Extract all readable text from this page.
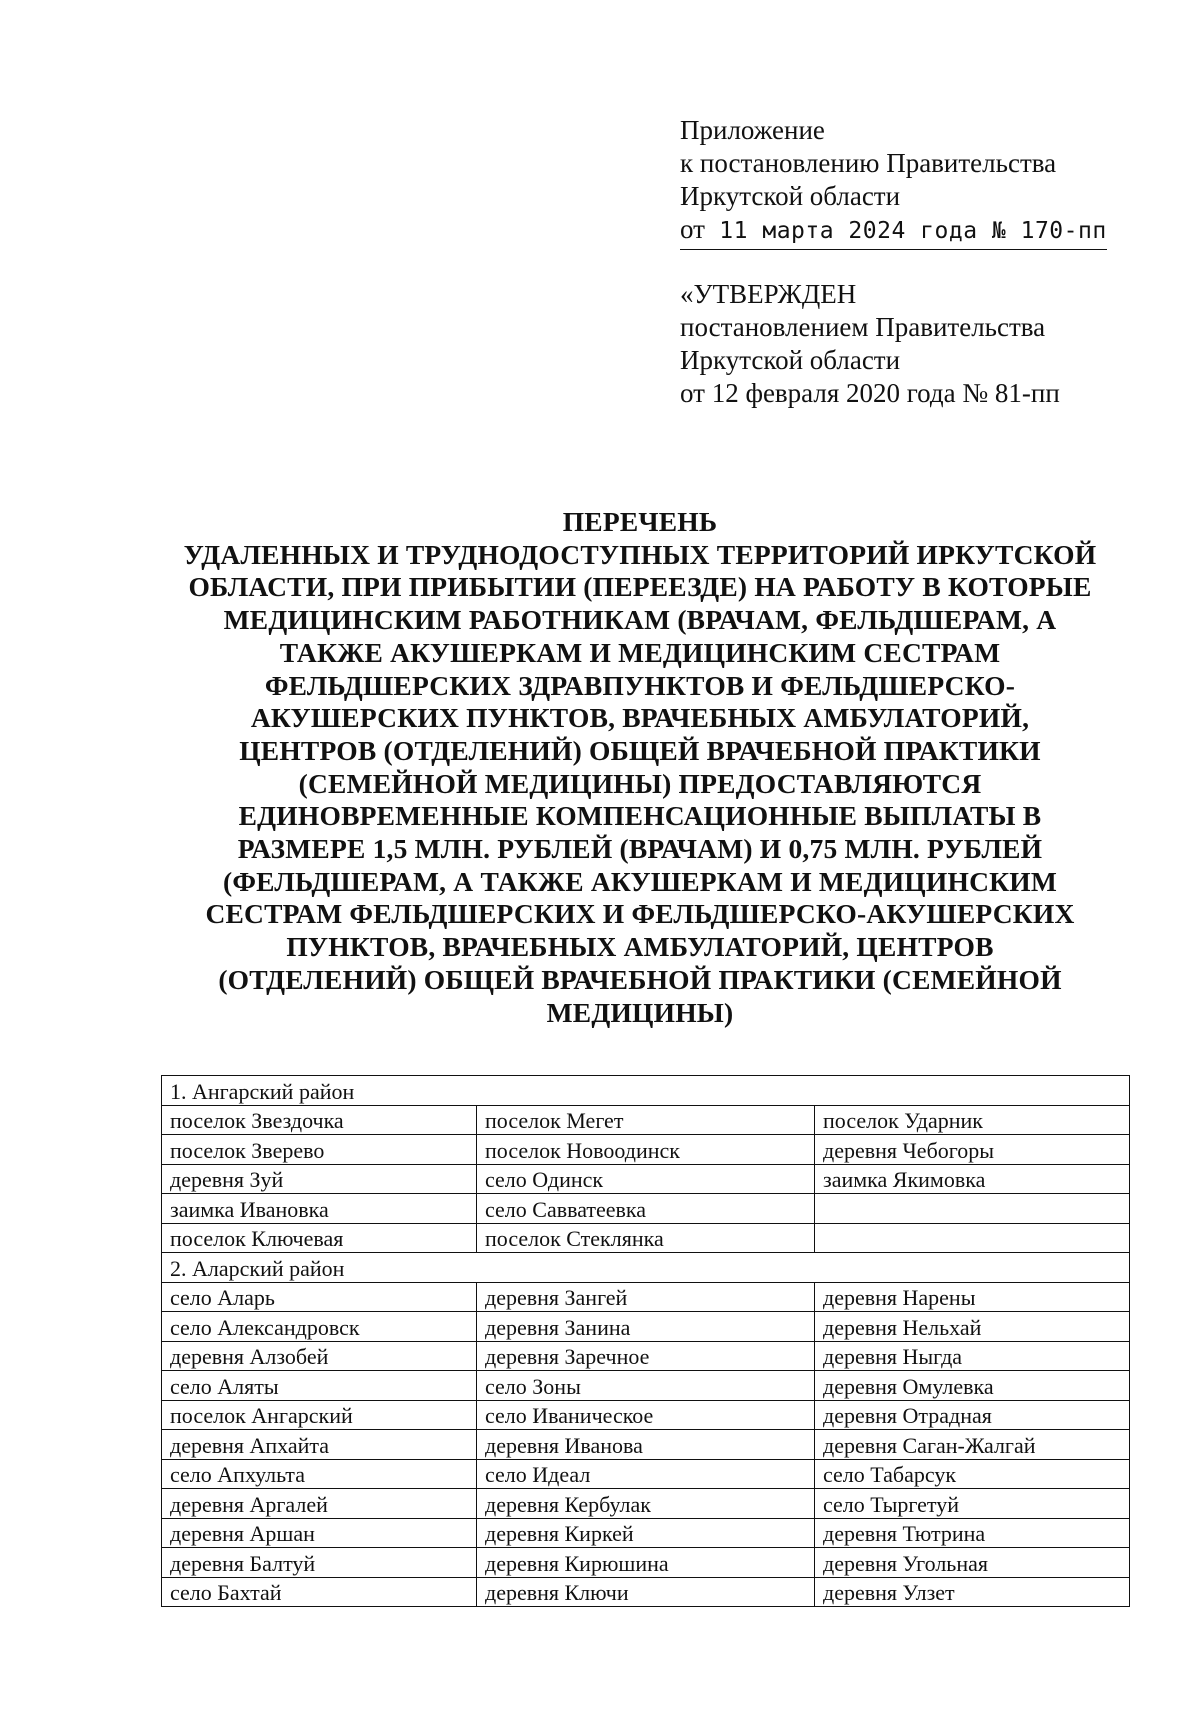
Приложение
к постановлению Правительства
Иркутской области
от 11 марта 2024 года № 170-пп
«УТВЕРЖДЕН
постановлением Правительства
Иркутской области
от 12 февраля 2020 года № 81-пп
ПЕРЕЧЕНЬ
УДАЛЕННЫХ И ТРУДНОДОСТУПНЫХ ТЕРРИТОРИЙ ИРКУТСКОЙ
ОБЛАСТИ, ПРИ ПРИБЫТИИ (ПЕРЕЕЗДЕ) НА РАБОТУ В КОТОРЫЕ
МЕДИЦИНСКИМ РАБОТНИКАМ (ВРАЧАМ, ФЕЛЬДШЕРАМ, А
ТАКЖЕ АКУШЕРКАМ И МЕДИЦИНСКИМ СЕСТРАМ
ФЕЛЬДШЕРСКИХ ЗДРАВПУНКТОВ И ФЕЛЬДШЕРСКО-
АКУШЕРСКИХ ПУНКТОВ, ВРАЧЕБНЫХ АМБУЛАТОРИЙ,
ЦЕНТРОВ (ОТДЕЛЕНИЙ) ОБЩЕЙ ВРАЧЕБНОЙ ПРАКТИКИ
(СЕМЕЙНОЙ МЕДИЦИНЫ) ПРЕДОСТАВЛЯЮТСЯ
ЕДИНОВРЕМЕННЫЕ КОМПЕНСАЦИОННЫЕ ВЫПЛАТЫ В
РАЗМЕРЕ 1,5 МЛН. РУБЛЕЙ (ВРАЧАМ) И 0,75 МЛН. РУБЛЕЙ
(ФЕЛЬДШЕРАМ, А ТАКЖЕ АКУШЕРКАМ И МЕДИЦИНСКИМ
СЕСТРАМ ФЕЛЬДШЕРСКИХ И ФЕЛЬДШЕРСКО-АКУШЕРСКИХ
ПУНКТОВ, ВРАЧЕБНЫХ АМБУЛАТОРИЙ, ЦЕНТРОВ
(ОТДЕЛЕНИЙ) ОБЩЕЙ ВРАЧЕБНОЙ ПРАКТИКИ (СЕМЕЙНОЙ
МЕДИЦИНЫ)
1. Ангарский район		
поселок Звездочка	поселок Мегет	поселок Ударник
поселок Зверево	поселок Новоодинск	деревня Чебогоры
деревня Зуй	село Одинск	заимка Якимовка
заимка Ивановка	село Савватеевка	
поселок Ключевая	поселок Стеклянка	
2. Аларский район		
село Аларь	деревня Зангей	деревня Нарены
село Александровск	деревня Занина	деревня Нельхай
деревня Алзобей	деревня Заречное	деревня Ныгда
село Аляты	село Зоны	деревня Омулевка
поселок Ангарский	село Иваническое	деревня Отрадная
деревня Апхайта	деревня Иванова	деревня Саган-Жалгай
село Апхульта	село Идеал	село Табарсук
деревня Аргалей	деревня Кербулак	село Тыргетуй
деревня Аршан	деревня Киркей	деревня Тютрина
деревня Балтуй	деревня Кирюшина	деревня Угольная
село Бахтай	деревня Ключи	деревня Улзет
